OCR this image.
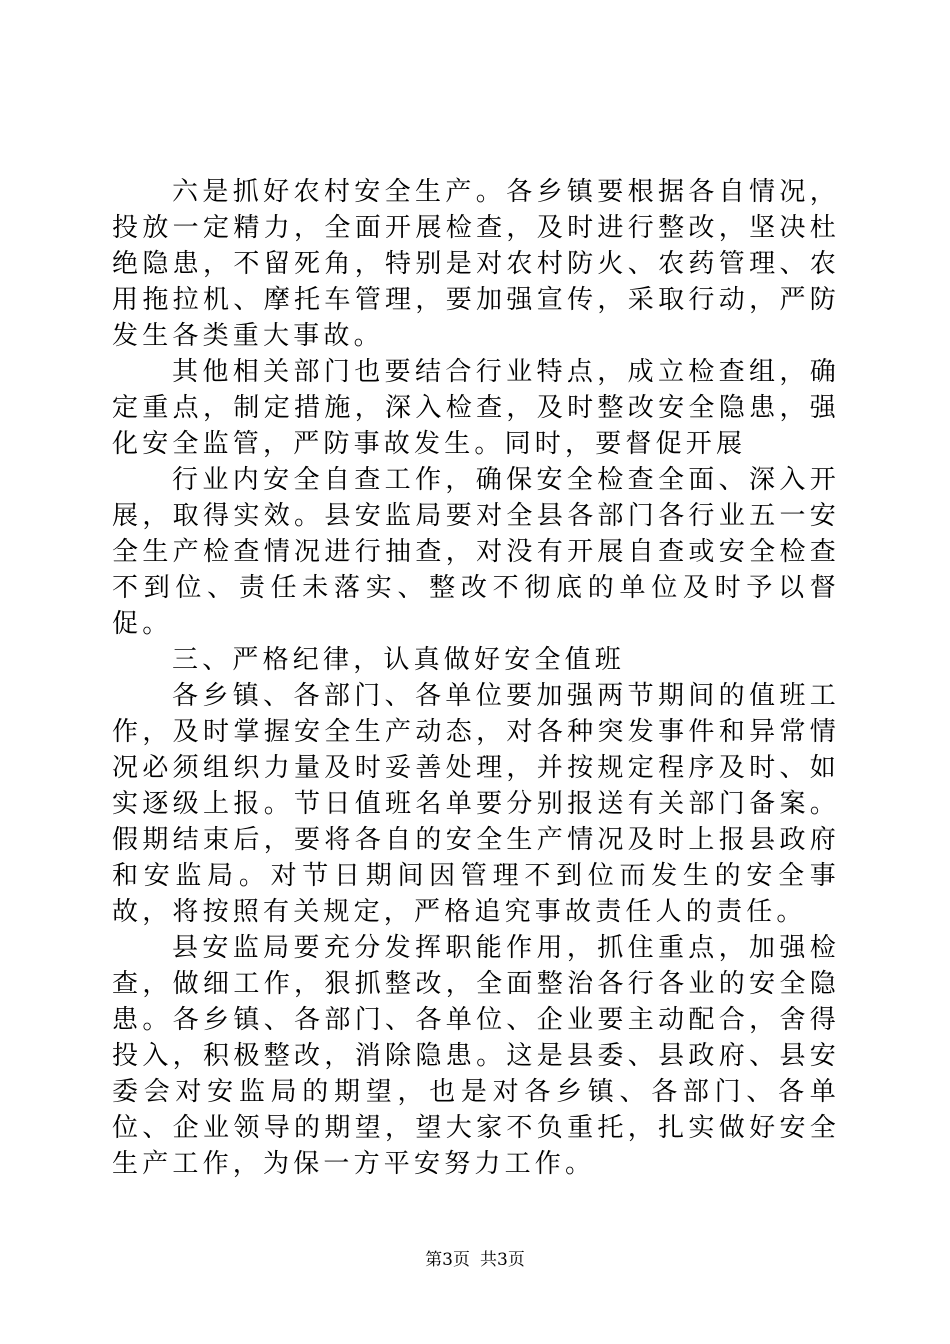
六是抓好农村安全生产。各乡镇要根据各自情况，投放一定精力，全面开展检查，及时进行整改，坚决杜绝隐患，不留死角，特别是对农村防火、农药管理、农用拖拉机、摩托车管理，要加强宣传，采取行动，严防发生各类重大事故。

其他相关部门也要结合行业特点，成立检查组，确定重点，制定措施，深入检查，及时整改安全隐患，强化安全监管，严防事故发生。同时，要督促开展

行业内安全自查工作，确保安全检查全面、深入开展，取得实效。县安监局要对全县各部门各行业五一安全生产检查情况进行抽查，对没有开展自查或安全检查不到位、责任未落实、整改不彻底的单位及时予以督促。

三、严格纪律，认真做好安全值班

各乡镇、各部门、各单位要加强两节期间的值班工作，及时掌握安全生产动态，对各种突发事件和异常情况必须组织力量及时妥善处理，并按规定程序及时、如实逐级上报。节日值班名单要分别报送有关部门备案。假期结束后，要将各自的安全生产情况及时上报县政府和安监局。对节日期间因管理不到位而发生的安全事故，将按照有关规定，严格追究事故责任人的责任。

县安监局要充分发挥职能作用，抓住重点，加强检查，做细工作，狠抓整改，全面整治各行各业的安全隐患。各乡镇、各部门、各单位、企业要主动配合，舍得投入，积极整改，消除隐患。这是县委、县政府、县安委会对安监局的期望，也是对各乡镇、各部门、各单位、企业领导的期望，望大家不负重托，扎实做好安全生产工作，为保一方平安努力工作。

第3页 共3页
